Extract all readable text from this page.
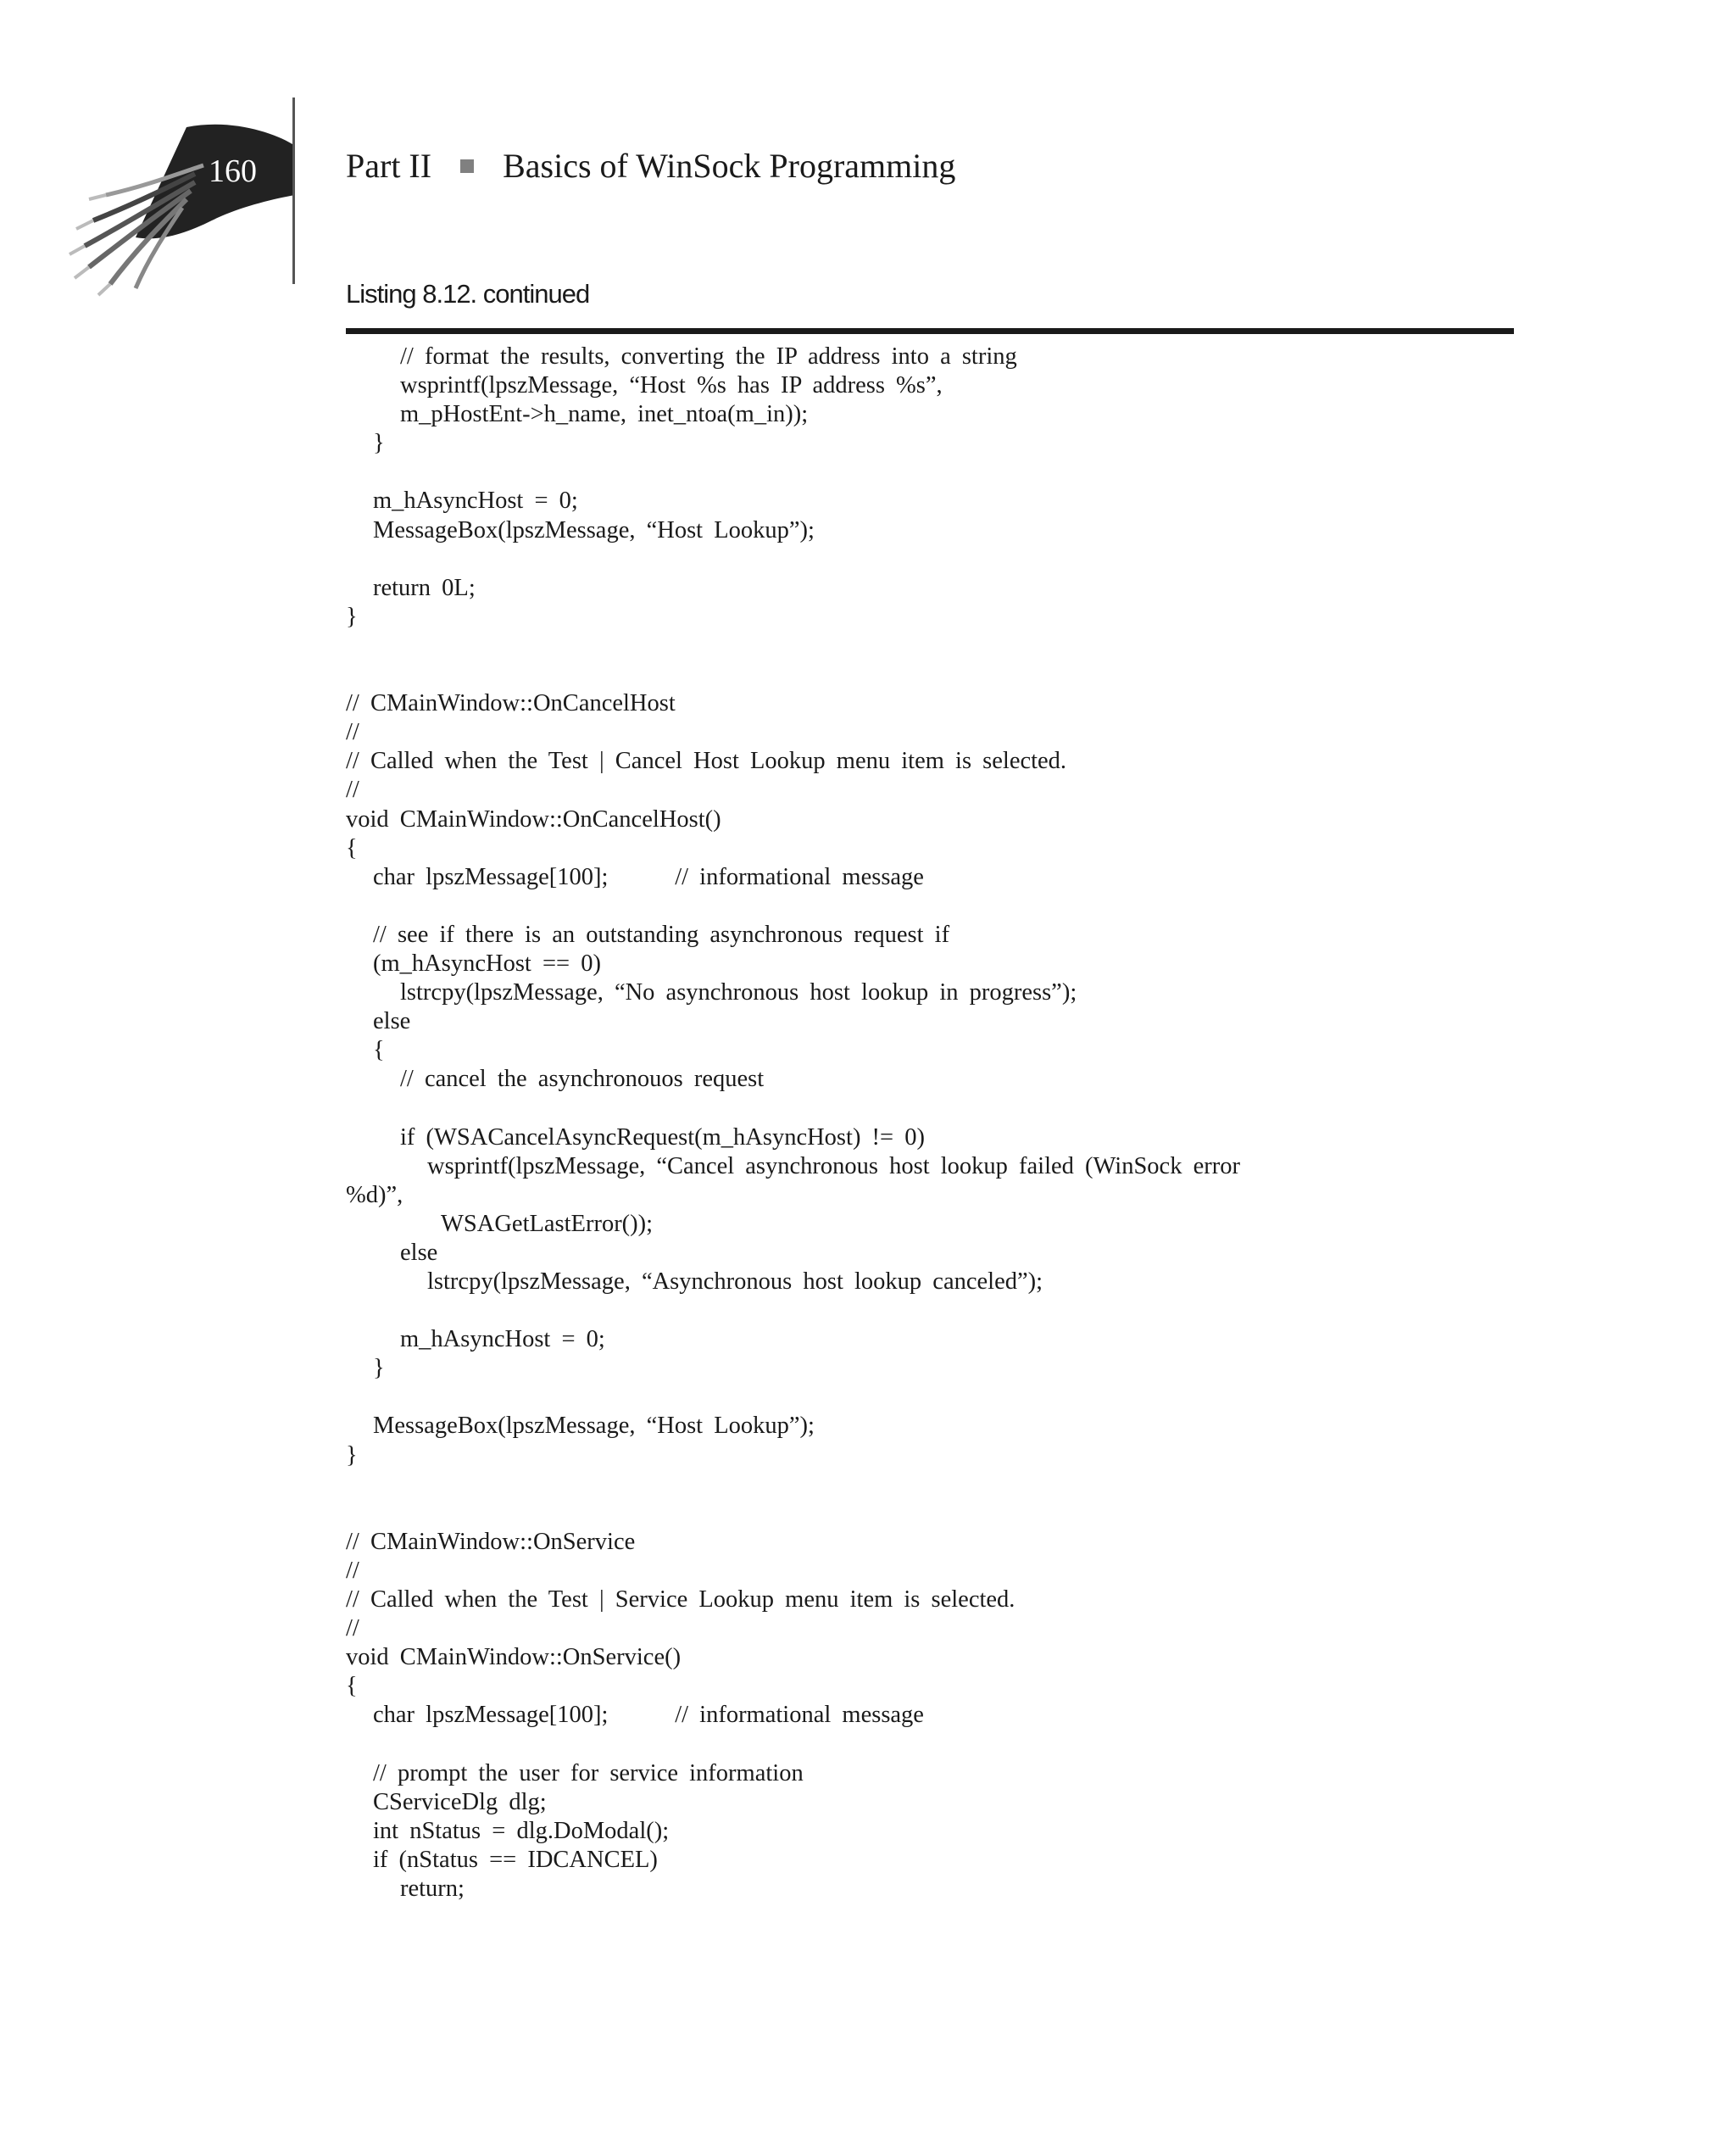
160	Part II Basics of WinSock Programming
Listing 8.12. continued
// format the results, converting the IP address into a string
wsprintf(lpszMessage, “Host %s has IP address %s”,
m_pHostEnt->h_name, inet_ntoa(m_in));
}
m_hAsyncHost = 0;
MessageBox(lpszMessage, “Host Lookup”);
return 0L;
}
// CMainWindow::OnCancelHost
//
// Called when the Test | Cancel Host Lookup menu item is selected.
//
void CMainWindow::OnCancelHost()
{
char lpszMessage[100];      // informational message
// see if there is an outstanding asynchronous request if
(m_hAsyncHost == 0)
lstrcpy(lpszMessage, “No asynchronous host lookup in progress”);
else
{
// cancel the asynchronouos request
if (WSACancelAsyncRequest(m_hAsyncHost) != 0)
wsprintf(lpszMessage, “Cancel asynchronous host lookup failed (WinSock error
%d)”,
WSAGetLastError());
else
lstrcpy(lpszMessage, “Asynchronous host lookup canceled”);
m_hAsyncHost = 0;
}
MessageBox(lpszMessage, “Host Lookup”);
}
// CMainWindow::OnService
//
// Called when the Test | Service Lookup menu item is selected.
//
void CMainWindow::OnService()
{
char lpszMessage[100];      // informational message
// prompt the user for service information
CServiceDlg dlg;
int nStatus = dlg.DoModal();
if (nStatus == IDCANCEL)
return;
